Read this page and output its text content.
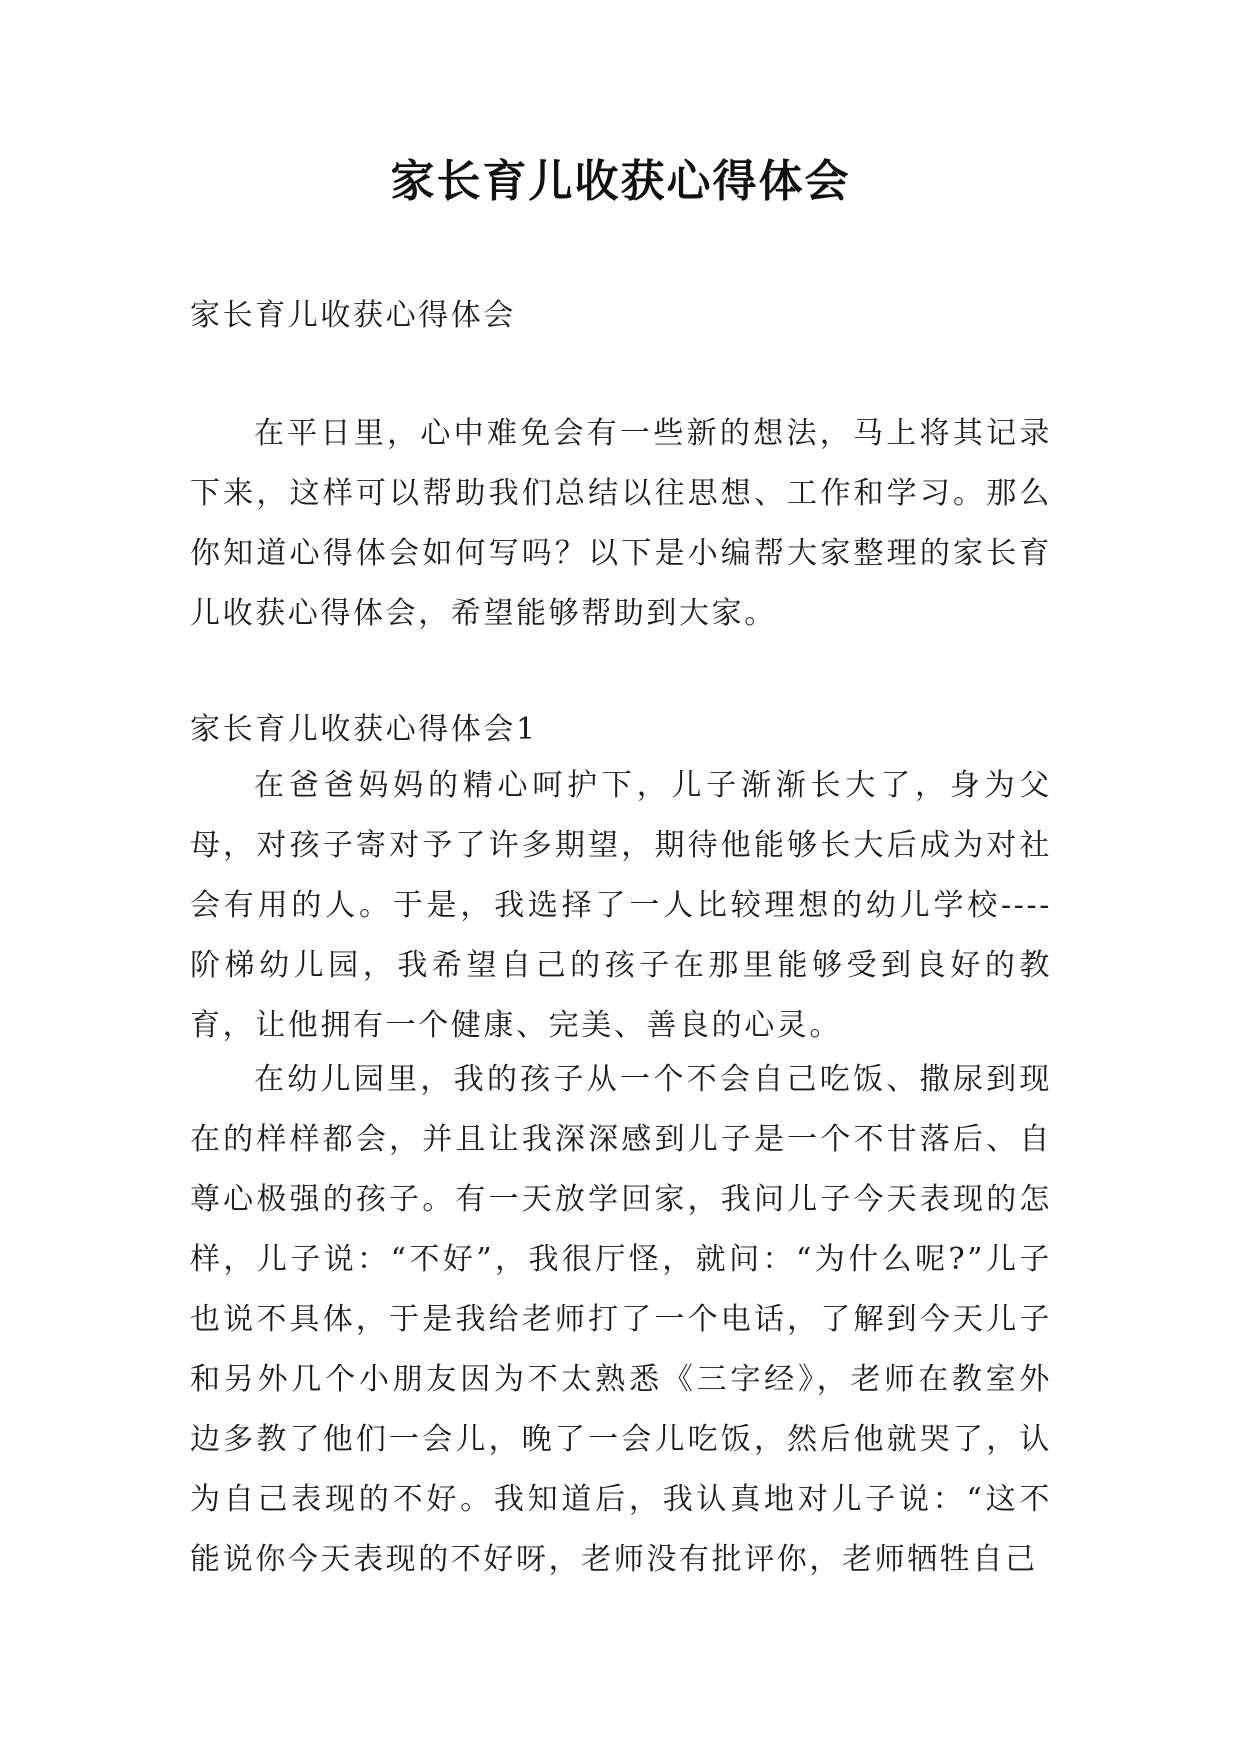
家长育儿收获心得体会

家长育儿收获心得体会

在平日里，心中难免会有一些新的想法，马上将其记录下来，这样可以帮助我们总结以往思想、工作和学习。那么你知道心得体会如何写吗？以下是小编帮大家整理的家长育儿收获心得体会，希望能够帮助到大家。

家长育儿收获心得体会1

在爸爸妈妈的精心呵护下，儿子渐渐长大了，身为父母，对孩子寄对予了许多期望，期待他能够长大后成为对社会有用的人。于是，我选择了一人比较理想的幼儿学校----阶梯幼儿园，我希望自己的孩子在那里能够受到良好的教育，让他拥有一个健康、完美、善良的心灵。

在幼儿园里，我的孩子从一个不会自己吃饭、撒尿到现在的样样都会，并且让我深深感到儿子是一个不甘落后、自尊心极强的孩子。有一天放学回家，我问儿子今天表现的怎样，儿子说：“不好”，我很厅怪，就问：“为什么呢?”儿子也说不具体，于是我给老师打了一个电话，了解到今天儿子和另外几个小朋友因为不太熟悉《三字经》，老师在教室外边多教了他们一会儿，晚了一会儿吃饭，然后他就哭了，认为自己表现的不好。我知道后，我认真地对儿子说：“这不能说你今天表现的不好呀，老师没有批评你，老师牺牲自己
